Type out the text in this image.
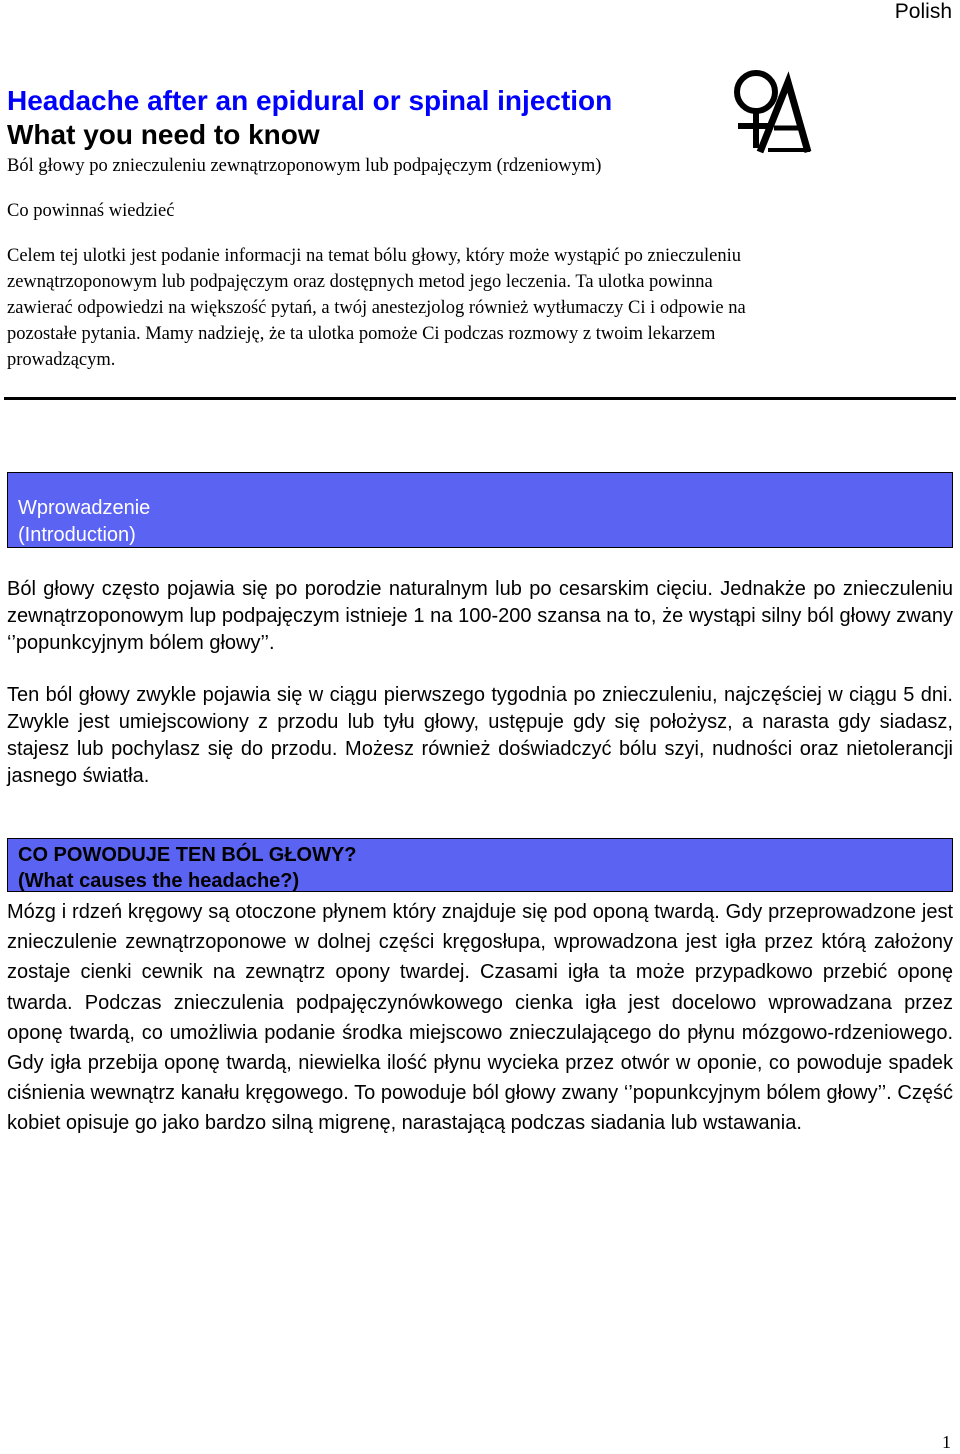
Polish
Headache after an epidural or spinal injection
What you need to know

Ból głowy po znieczuleniu zewnątrzoponowym lub podpajęczym (rdzeniowym)

Co powinnaś wiedzieć

Celem tej ulotki jest podanie informacji na temat bólu głowy, który może wystąpić po znieczuleniu zewnątrzoponowym lub podpajęczym oraz dostępnych metod jego leczenia. Ta ulotka powinna zawierać odpowiedzi na większość pytań, a twój anestezjolog również wytłumaczy Ci i odpowie na pozostałe pytania. Mamy nadzieję, że ta ulotka pomoże Ci podczas rozmowy z twoim lekarzem prowadzącym.

Wprowadzenie
(Introduction)

Ból głowy często pojawia się po porodzie naturalnym lub po cesarskim cięciu. Jednakże po znieczuleniu zewnątrzoponowym lup podpajęczym istnieje 1 na 100-200 szansa na to, że wystąpi silny ból głowy zwany ‘’popunkcyjnym bólem głowy’’.

Ten ból głowy zwykle pojawia się w ciągu pierwszego tygodnia po znieczuleniu, najczęściej w ciągu 5 dni. Zwykle jest umiejscowiony z przodu lub tyłu głowy, ustępuje gdy się położysz, a narasta gdy siadasz, stajesz lub pochylasz się do przodu. Możesz również doświadczyć bólu szyi, nudności oraz nietolerancji jasnego światła.

CO POWODUJE TEN BÓL GŁOWY?
(What causes the headache?)

Mózg i rdzeń kręgowy są otoczone płynem który znajduje się pod oponą twardą. Gdy przeprowadzone jest znieczulenie zewnątrzoponowe w dolnej części kręgosłupa, wprowadzona jest igła przez którą założony zostaje cienki cewnik na zewnątrz opony twardej. Czasami igła ta może przypadkowo przebić oponę twarda. Podczas znieczulenia podpajęczynówkowego cienka igła jest docelowo wprowadzana przez oponę twardą, co umożliwia podanie środka miejscowo znieczulającego do płynu mózgowo-rdzeniowego. Gdy igła przebija oponę twardą, niewielka ilość płynu wycieka przez otwór w oponie, co powoduje spadek ciśnienia wewnątrz kanału kręgowego. To powoduje ból głowy zwany ‘’popunkcyjnym bólem głowy’’. Część kobiet opisuje go jako bardzo silną migrenę, narastającą podczas siadania lub wstawania.

1
